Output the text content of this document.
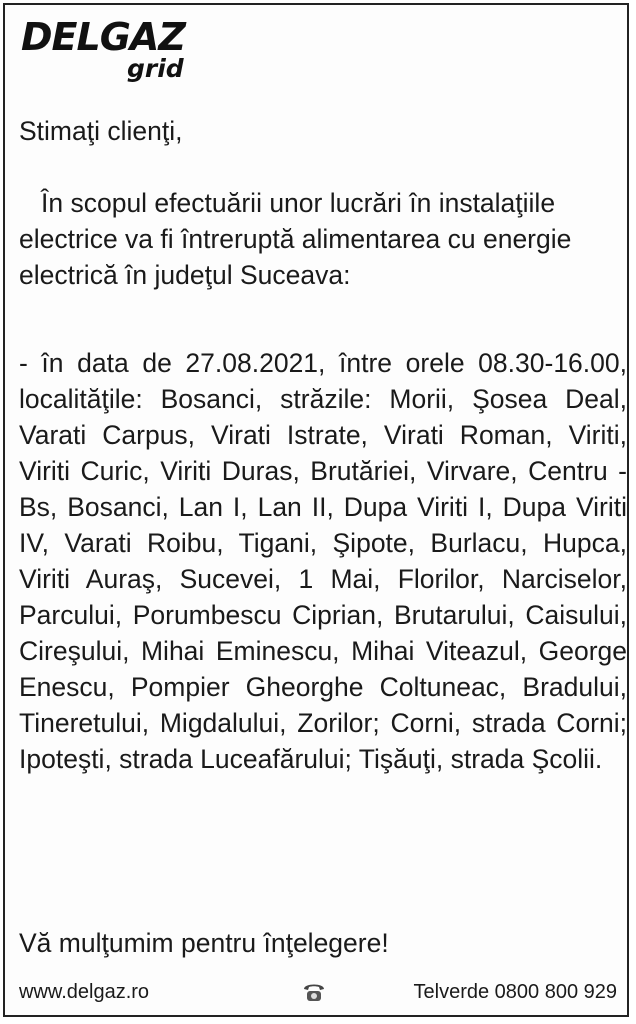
DELGAZ
grid
Stimaţi clienţi,
În scopul efectuării unor lucrări în instalaţiile electrice va fi întreruptă alimentarea cu energie electrică în judeţul Suceava:
- în data de 27.08.2021, între orele 08.30-16.00, localităţile: Bosanci, străzile: Morii, Şosea Deal, Varati Carpus, Virati Istrate, Virati Roman, Viriti, Viriti Curic, Viriti Duras, Brutăriei, Virvare, Centru - Bs, Bosanci, Lan I, Lan II, Dupa Viriti I, Dupa Viriti IV, Varati Roibu, Tigani, Şipote, Burlacu, Hupca, Viriti Auraş, Sucevei, 1 Mai, Florilor, Narciselor, Parcului, Porumbescu Ciprian, Brutarului, Caisului, Cireşului, Mihai Eminescu, Mihai Viteazul, George Enescu, Pompier Gheorghe Coltuneac, Bradului, Tineretului, Migdalului, Zorilor; Corni, strada Corni; Ipoteşti, strada Luceafărului; Tişăuţi, strada Şcolii.
Vă mulţumim pentru înţelegere!
www.delgaz.ro	Telverde 0800 800 929
